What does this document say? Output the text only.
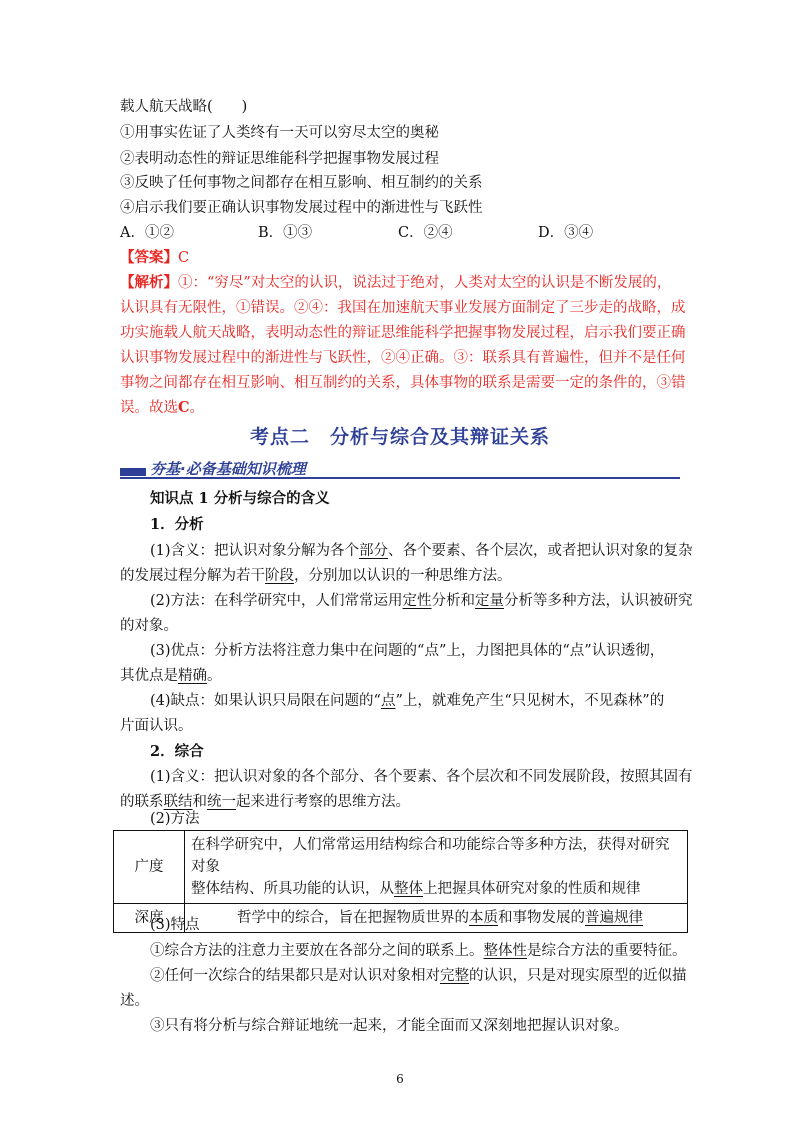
载人航天战略(　　)
①用事实佐证了人类终有一天可以穷尽太空的奥秘
②表明动态性的辩证思维能科学把握事物发展过程
③反映了任何事物之间都存在相互影响、相互制约的关系
④启示我们要正确认识事物发展过程中的渐进性与飞跃性
A．①②	B．①③	C．②④	D．③④
【答案】C
【解析】①：“穷尽”对太空的认识，说法过于绝对，人类对太空的认识是不断发展的，
认识具有无限性，①错误。②④：我国在加速航天事业发展方面制定了三步走的战略，成
功实施载人航天战略，表明动态性的辩证思维能科学把握事物发展过程，启示我们要正确
认识事物发展过程中的渐进性与飞跃性，②④正确。③：联系具有普遍性，但并不是任何
事物之间都存在相互影响、相互制约的关系，具体事物的联系是需要一定的条件的，③错
误。故选C。
考点二　分析与综合及其辩证关系
夯基·必备基础知识梳理
知识点 1 分析与综合的含义
1．分析
(1)含义：把认识对象分解为各个部分、各个要素、各个层次，或者把认识对象的复杂
的发展过程分解为若干阶段，分别加以认识的一种思维方法。
(2)方法：在科学研究中，人们常常运用定性分析和定量分析等多种方法，认识被研究
的对象。
(3)优点：分析方法将注意力集中在问题的“点”上，力图把具体的“点”认识透彻，
其优点是精确。
(4)缺点：如果认识只局限在问题的“点”上，就难免产生“只见树木，不见森林”的
片面认识。
2．综合
(1)含义：把认识对象的各个部分、各个要素、各个层次和不同发展阶段，按照其固有
的联系联结和统一起来进行考察的思维方法。
(2)方法
广度	在科学研究中，人们常常运用结构综合和功能综合等多种方法，获得对研究对象
整体结构、所具功能的认识，从整体上把握具体研究对象的性质和规律

深度	哲学中的综合，旨在把握物质世界的本质和事物发展的普遍规律
(3)特点
①综合方法的注意力主要放在各部分之间的联系上。整体性是综合方法的重要特征。
②任何一次综合的结果都只是对认识对象相对完整的认识，只是对现实原型的近似描
述。
③只有将分析与综合辩证地统一起来，才能全面而又深刻地把握认识对象。
6
